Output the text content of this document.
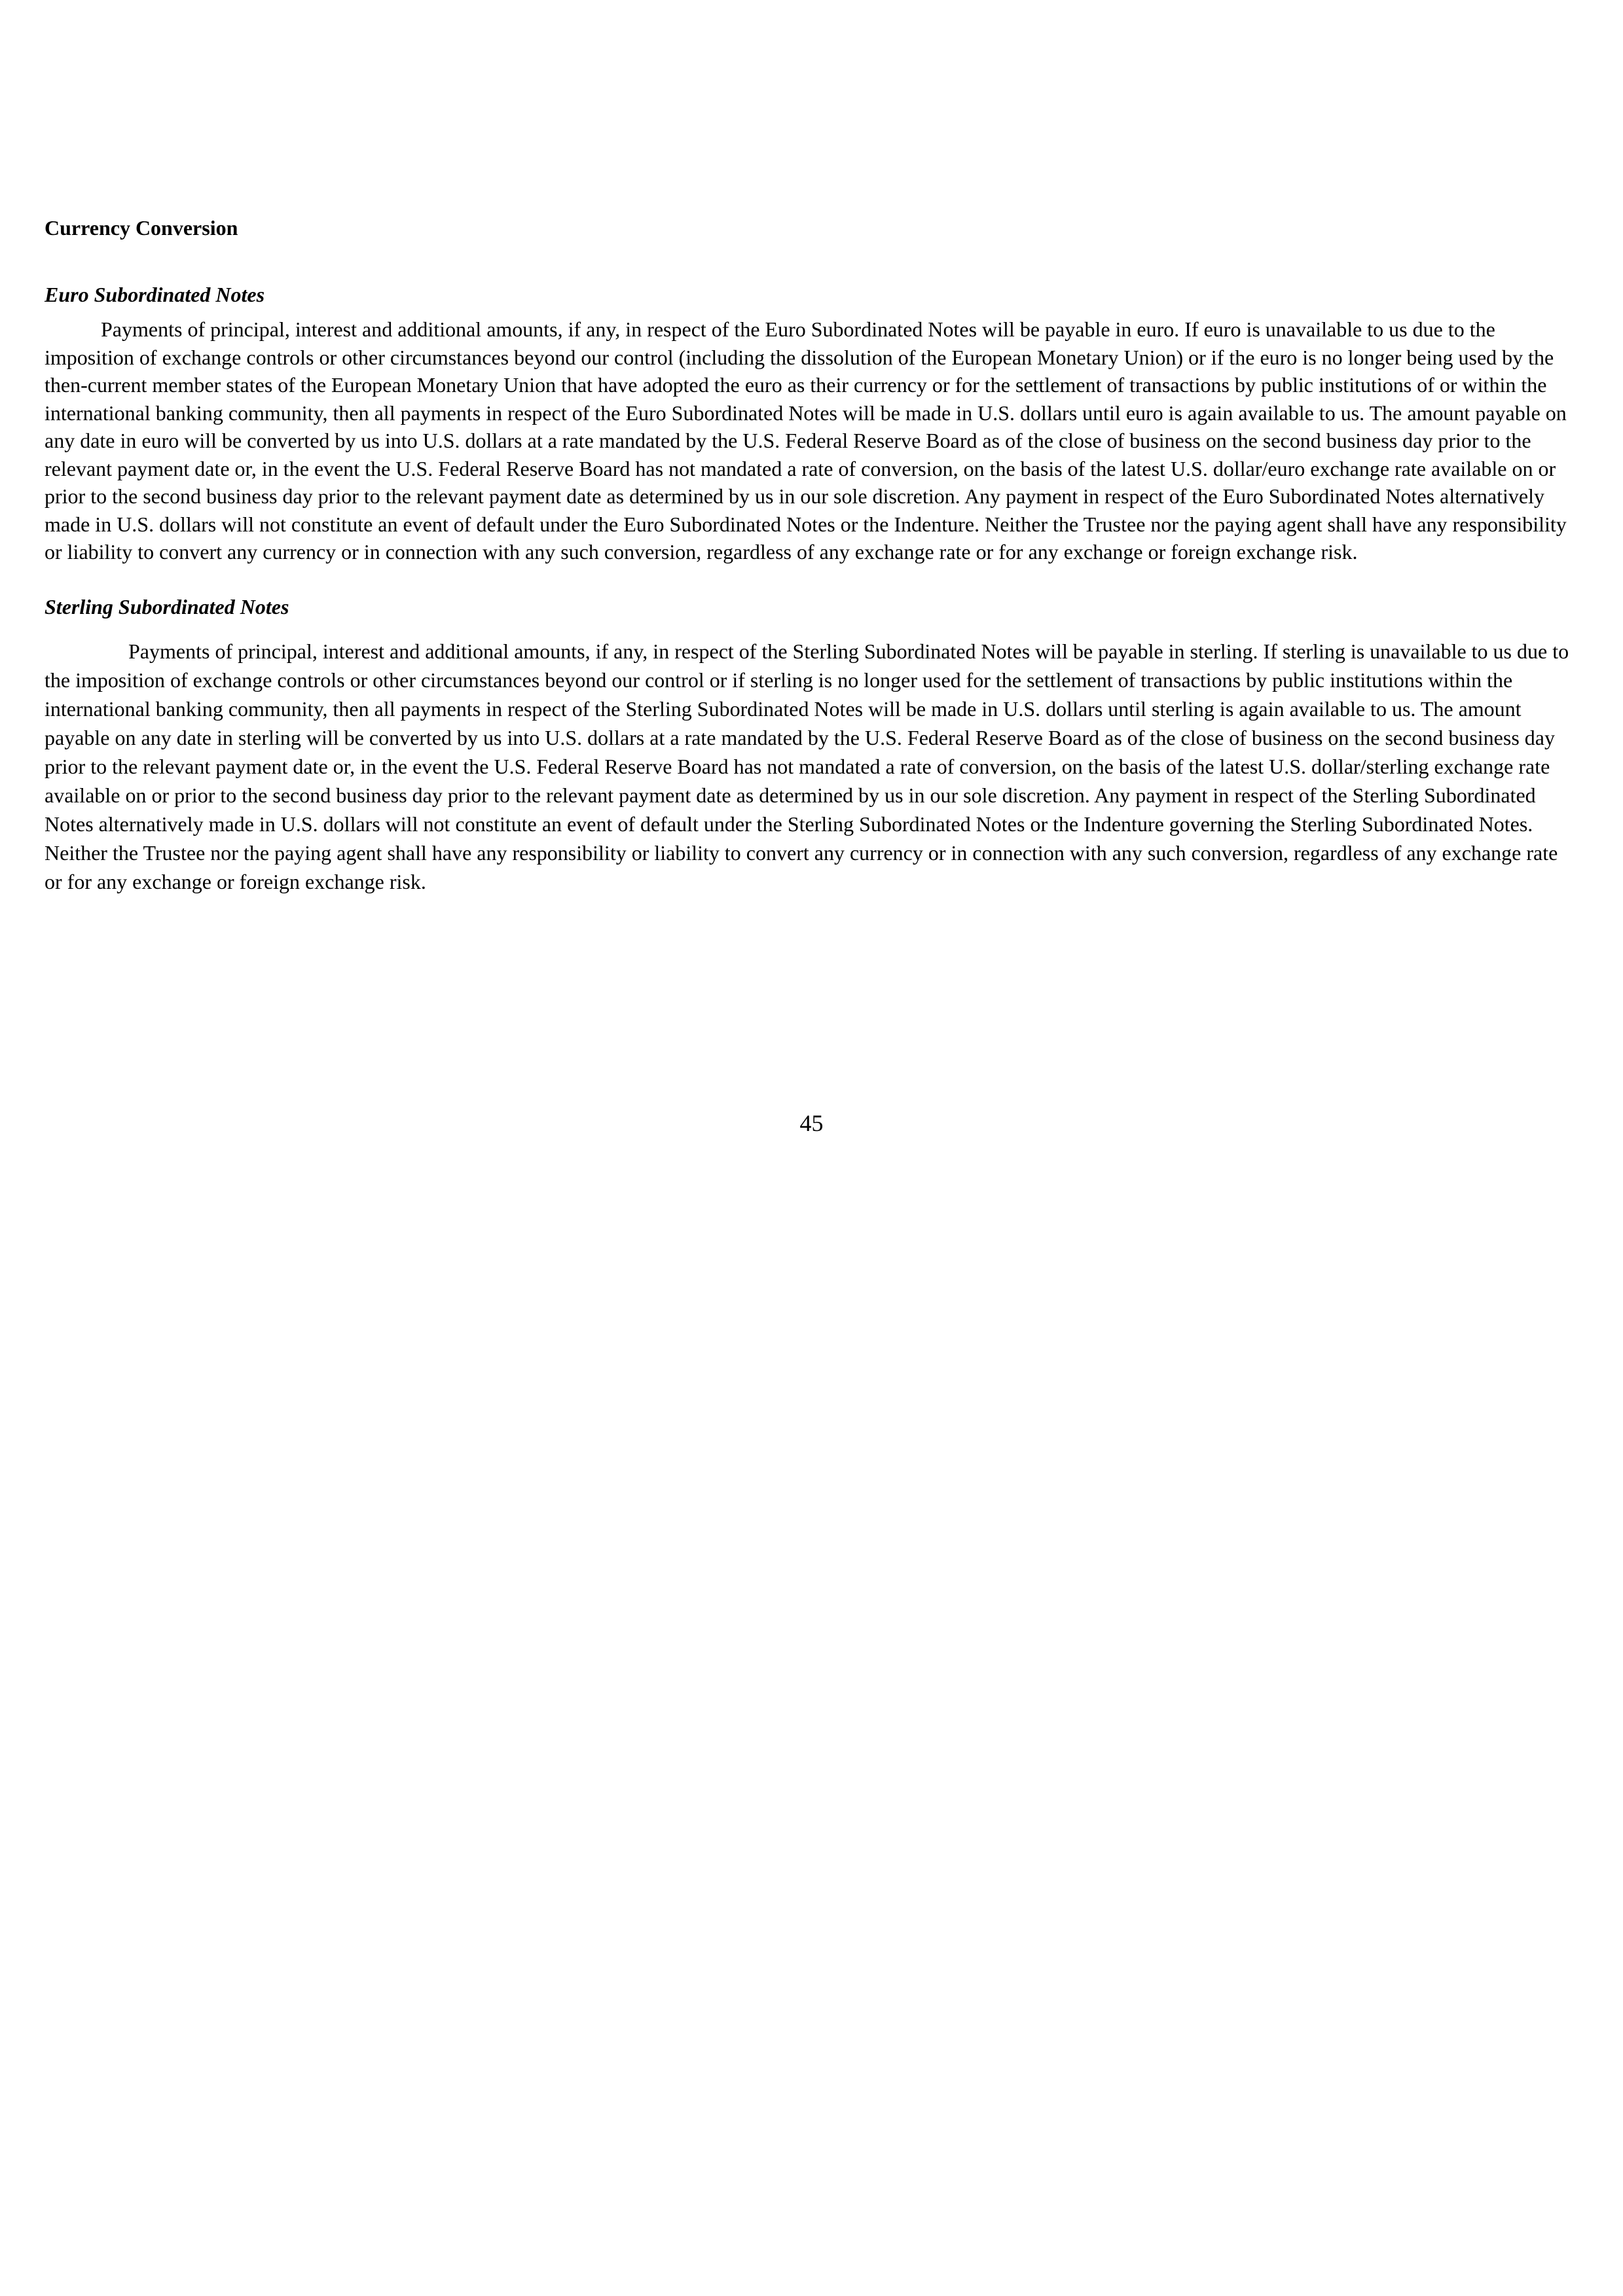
Currency Conversion
Euro Subordinated Notes

Payments of principal, interest and additional amounts, if any, in respect of the Euro Subordinated Notes will be payable in euro. If euro is unavailable to us due to the imposition of exchange controls or other circumstances beyond our control (including the dissolution of the European Monetary Union) or if the euro is no longer being used by the then-current member states of the European Monetary Union that have adopted the euro as their currency or for the settlement of transactions by public institutions of or within the international banking community, then all payments in respect of the Euro Subordinated Notes will be made in U.S. dollars until euro is again available to us. The amount payable on any date in euro will be converted by us into U.S. dollars at a rate mandated by the U.S. Federal Reserve Board as of the close of business on the second business day prior to the relevant payment date or, in the event the U.S. Federal Reserve Board has not mandated a rate of conversion, on the basis of the latest U.S. dollar/euro exchange rate available on or prior to the second business day prior to the relevant payment date as determined by us in our sole discretion. Any payment in respect of the Euro Subordinated Notes alternatively made in U.S. dollars will not constitute an event of default under the Euro Subordinated Notes or the Indenture. Neither the Trustee nor the paying agent shall have any responsibility or liability to convert any currency or in connection with any such conversion, regardless of any exchange rate or for any exchange or foreign exchange risk.

Sterling Subordinated Notes

Payments of principal, interest and additional amounts, if any, in respect of the Sterling Subordinated Notes will be payable in sterling. If sterling is unavailable to us due to the imposition of exchange controls or other circumstances beyond our control or if sterling is no longer used for the settlement of transactions by public institutions within the international banking community, then all payments in respect of the Sterling Subordinated Notes will be made in U.S. dollars until sterling is again available to us. The amount payable on any date in sterling will be converted by us into U.S. dollars at a rate mandated by the U.S. Federal Reserve Board as of the close of business on the second business day prior to the relevant payment date or, in the event the U.S. Federal Reserve Board has not mandated a rate of conversion, on the basis of the latest U.S. dollar/sterling exchange rate available on or prior to the second business day prior to the relevant payment date as determined by us in our sole discretion. Any payment in respect of the Sterling Subordinated Notes alternatively made in U.S. dollars will not constitute an event of default under the Sterling Subordinated Notes or the Indenture governing the Sterling Subordinated Notes. Neither the Trustee nor the paying agent shall have any responsibility or liability to convert any currency or in connection with any such conversion, regardless of any exchange rate or for any exchange or foreign exchange risk.

45
